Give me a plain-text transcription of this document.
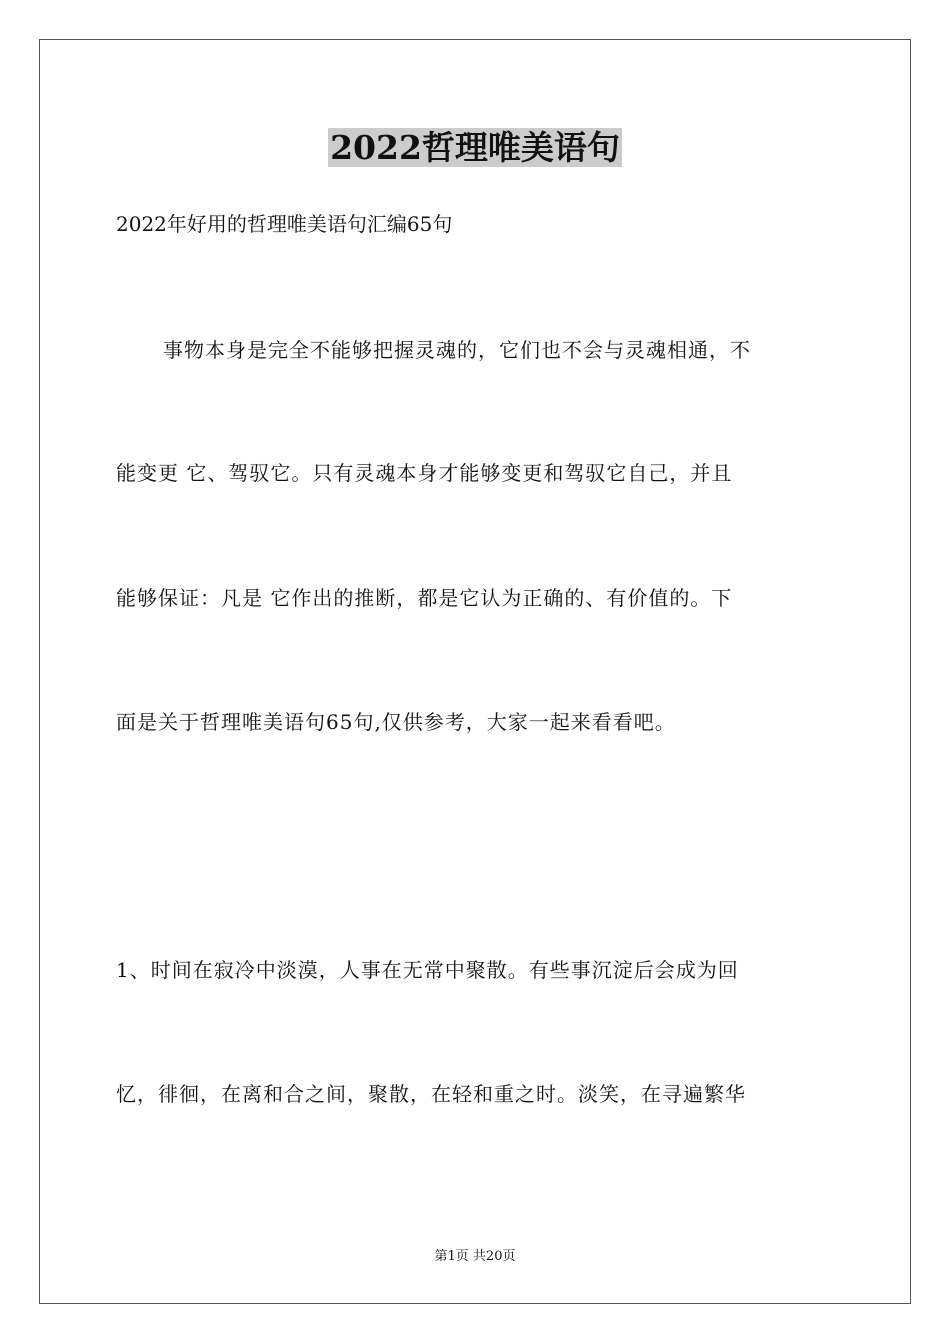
2022哲理唯美语句
2022年好用的哲理唯美语句汇编65句
事物本身是完全不能够把握灵魂的，它们也不会与灵魂相通，不
能变更 它、驾驭它。只有灵魂本身才能够变更和驾驭它自己，并且
能够保证：凡是 它作出的推断，都是它认为正确的、有价值的。下
面是关于哲理唯美语句65句,仅供参考，大家一起来看看吧。
1、时间在寂冷中淡漠，人事在无常中聚散。有些事沉淀后会成为回
忆，徘徊，在离和合之间，聚散，在轻和重之时。淡笑，在寻遍繁华
第1页 共20页
